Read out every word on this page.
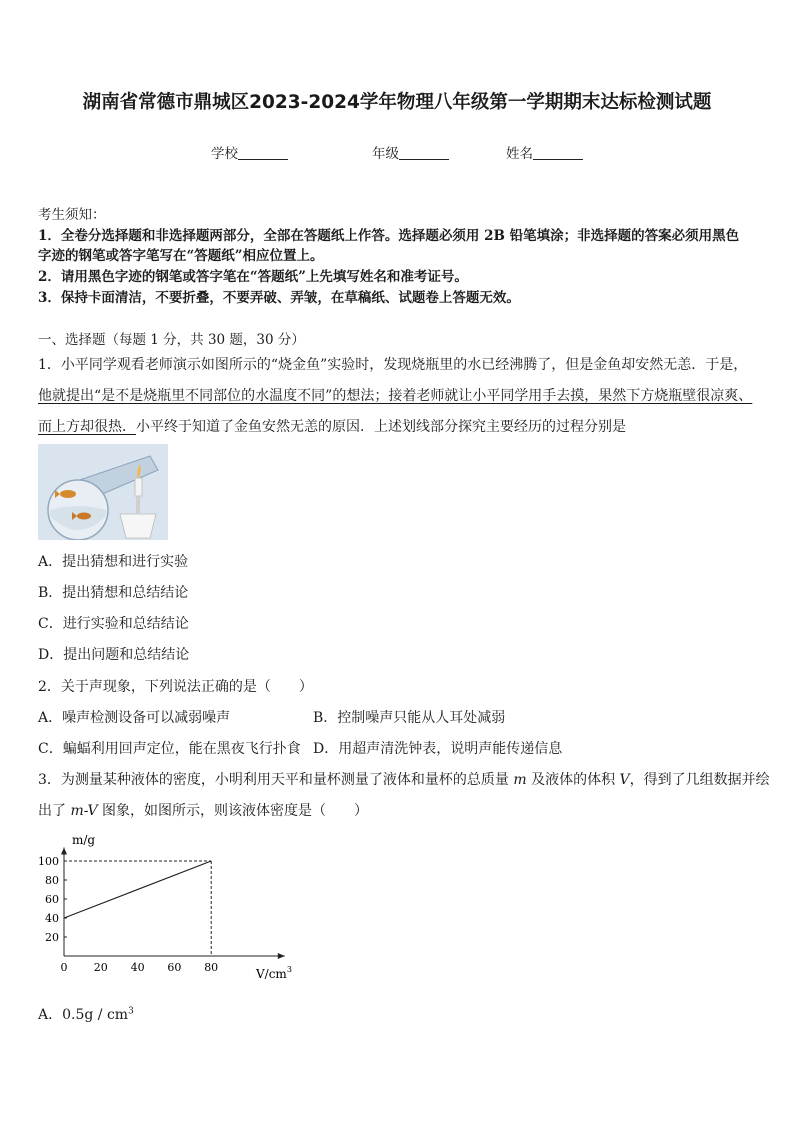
湖南省常德市鼎城区2023-2024学年物理八年级第一学期期末达标检测试题
学校	年级	姓名
考生须知：
1．全卷分选择题和非选择题两部分，全部在答题纸上作答。选择题必须用 2B 铅笔填涂；非选择题的答案必须用黑色
字迹的钢笔或答字笔写在“答题纸”相应位置上。
2．请用黑色字迹的钢笔或答字笔在“答题纸”上先填写姓名和准考证号。
3．保持卡面清洁，不要折叠，不要弄破、弄皱，在草稿纸、试题卷上答题无效。
一、选择题（每题 1 分，共 30 题，30 分）
1．小平同学观看老师演示如图所示的“烧金鱼”实验时，发现烧瓶里的水已经沸腾了，但是金鱼却安然无恙．于是，
他就提出“是不是烧瓶里不同部位的水温度不同”的想法；接着老师就让小平同学用手去摸，果然下方烧瓶壁很凉爽、
而上方却很热．小平终于知道了金鱼安然无恙的原因．上述划线部分探究主要经历的过程分别是
A．提出猜想和进行实验
B．提出猜想和总结结论
C．进行实验和总结结论
D．提出问题和总结结论
2．关于声现象，下列说法正确的是（　　）
A．噪声检测设备可以减弱噪声	B．控制噪声只能从人耳处减弱
C．蝙蝠利用回声定位，能在黑夜飞行扑食 D．用超声清洗钟表，说明声能传递信息
3．为测量某种液体的密度，小明利用天平和量杯测量了液体和量杯的总质量 m 及液体的体积 V，得到了几组数据并绘
出了 m-V 图象，如图所示，则该液体密度是（　　）
0 20 40 60 80
20
40
60
80
100
m/g
$V/cm^3$
A．$0.5g / cm^3$
